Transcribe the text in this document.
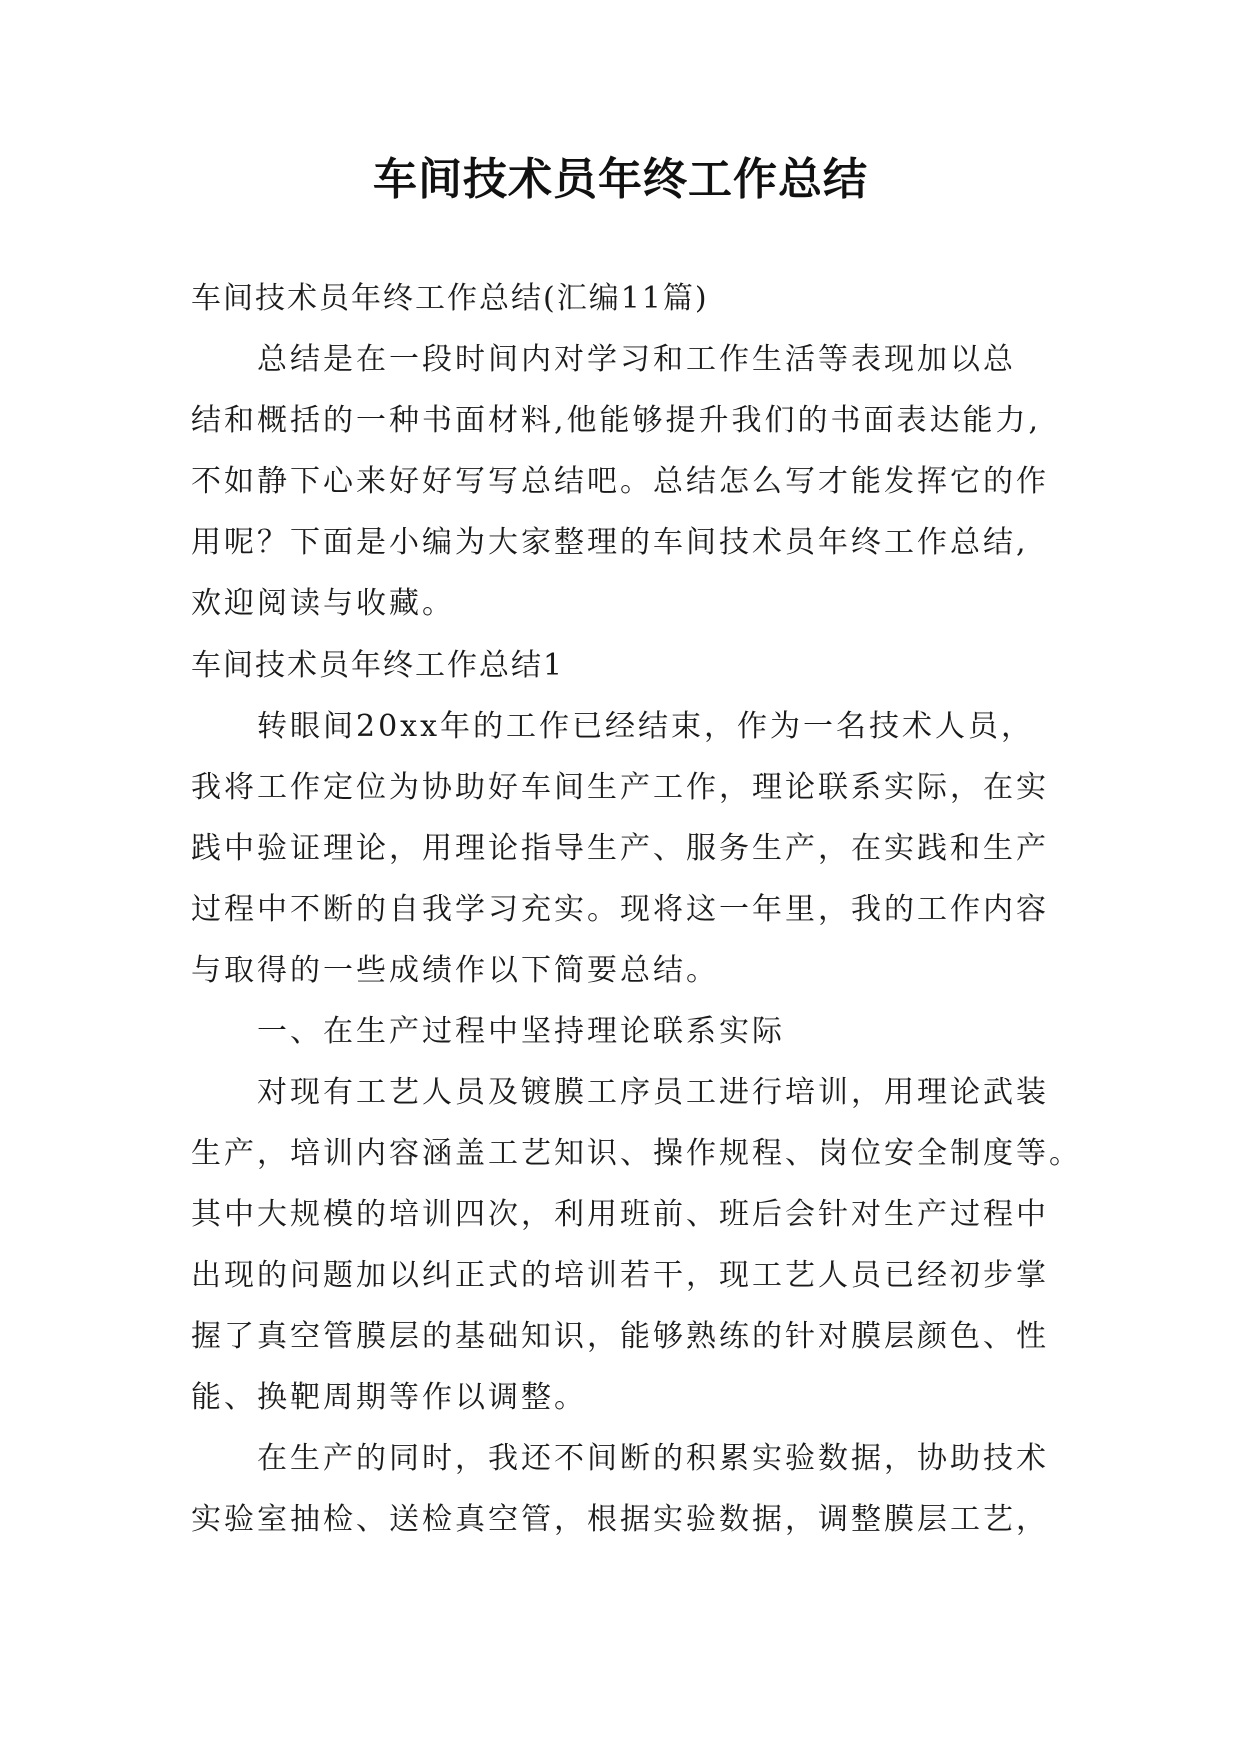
车间技术员年终工作总结
车间技术员年终工作总结(汇编11篇)
总结是在一段时间内对学习和工作生活等表现加以总
结和概括的一种书面材料,他能够提升我们的书面表达能力,
不如静下心来好好写写总结吧。总结怎么写才能发挥它的作
用呢？下面是小编为大家整理的车间技术员年终工作总结,
欢迎阅读与收藏。
车间技术员年终工作总结1
转眼间20xx年的工作已经结束，作为一名技术人员，
我将工作定位为协助好车间生产工作，理论联系实际，在实
践中验证理论，用理论指导生产、服务生产，在实践和生产
过程中不断的自我学习充实。现将这一年里，我的工作内容
与取得的一些成绩作以下简要总结。
一、在生产过程中坚持理论联系实际
对现有工艺人员及镀膜工序员工进行培训，用理论武装
生产，培训内容涵盖工艺知识、操作规程、岗位安全制度等。
其中大规模的培训四次，利用班前、班后会针对生产过程中
出现的问题加以纠正式的培训若干，现工艺人员已经初步掌
握了真空管膜层的基础知识，能够熟练的针对膜层颜色、性
能、换靶周期等作以调整。
在生产的同时，我还不间断的积累实验数据，协助技术
实验室抽检、送检真空管，根据实验数据，调整膜层工艺，
